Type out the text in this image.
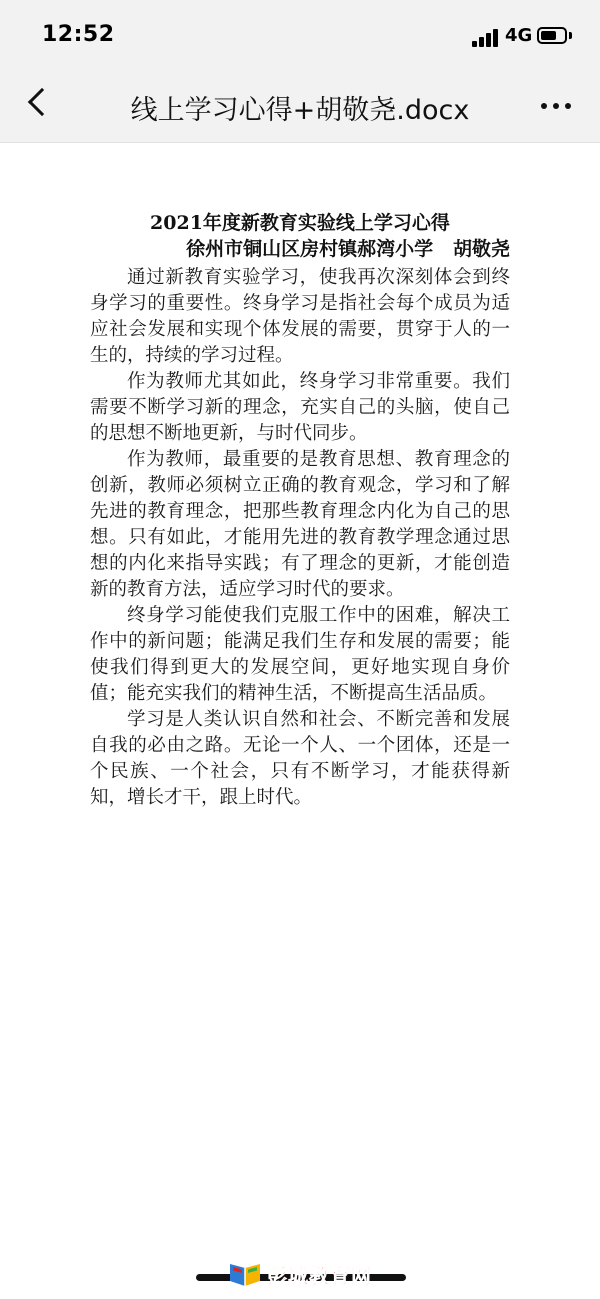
12:52	4G
线上学习心得+胡敬尧.docx
2021年度新教育实验线上学习心得
徐州市铜山区房村镇郝湾小学   胡敬尧

通过新教育实验学习，使我再次深刻体会到终身学习的重要性。终身学习是指社会每个成员为适应社会发展和实现个体发展的需要，贯穿于人的一生的，持续的学习过程。

作为教师尤其如此，终身学习非常重要。我们需要不断学习新的理念，充实自己的头脑，使自己的思想不断地更新，与时代同步。

作为教师，最重要的是教育思想、教育理念的创新，教师必须树立正确的教育观念，学习和了解先进的教育理念，把那些教育理念内化为自己的思想。只有如此，才能用先进的教育教学理念通过思想的内化来指导实践；有了理念的更新，才能创造新的教育方法，适应学习时代的要求。

终身学习能使我们克服工作中的困难，解决工作中的新问题；能满足我们生存和发展的需要；能使我们得到更大的发展空间，更好地实现自身价值；能充实我们的精神生活，不断提高生活品质。

学习是人类认识自然和社会、不断完善和发展自我的必由之路。无论一个人、一个团体，还是一个民族、一个社会，只有不断学习，才能获得新知，增长才干，跟上时代。

彭城教育网
